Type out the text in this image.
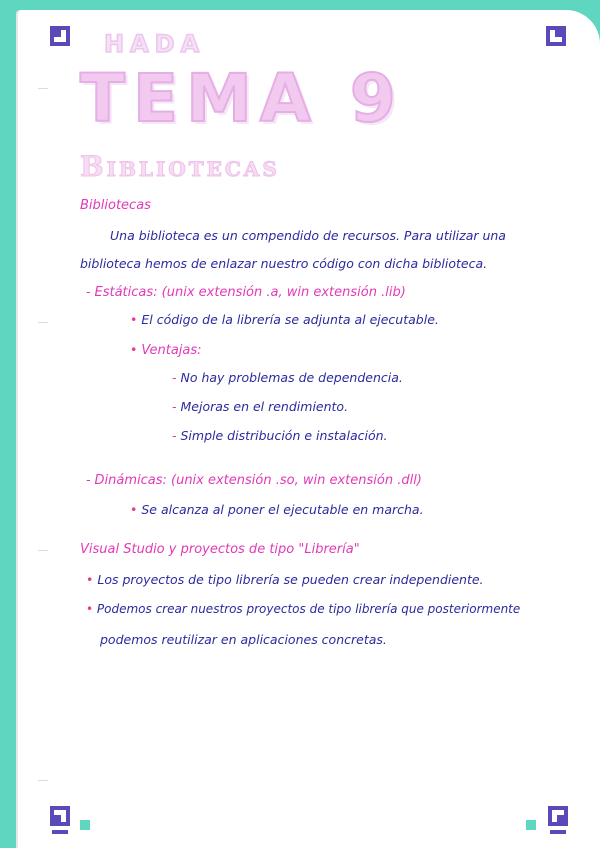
HADA
TEMA 9
Bibliotecas
Bibliotecas
Una biblioteca es un compendido de recursos. Para utilizar una
biblioteca hemos de enlazar nuestro código con dicha biblioteca.
- Estáticas: (unix extensión .a, win extensión .lib)
• El código de la librería se adjunta al ejecutable.
• Ventajas:
- No hay problemas de dependencia.
- Mejoras en el rendimiento.
- Simple distribución e instalación.
- Dinámicas: (unix extensión .so, win extensión .dll)
• Se alcanza al poner el ejecutable en marcha.
Visual Studio y proyectos de tipo "Librería"
• Los proyectos de tipo librería se pueden crear independiente.
• Podemos crear nuestros proyectos de tipo librería que posteriormente
podemos reutilizar en aplicaciones concretas.
